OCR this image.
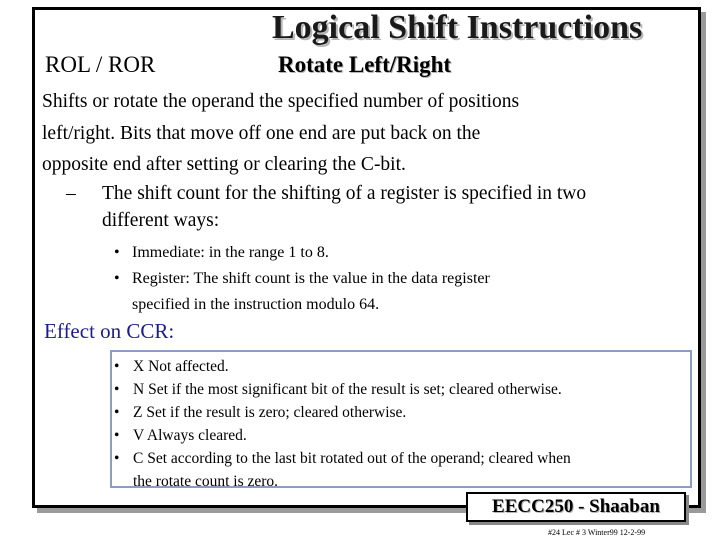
Logical Shift Instructions
ROL / ROR	Rotate Left/Right
Shifts or rotate the operand the specified number of positions
left/right. Bits that move off one end are put back on the
opposite end after setting or clearing the C-bit.
– The shift count for the shifting of a register is specified in two
different ways:
• Immediate: in the range 1 to 8.
• Register: The shift count is the value in the data register
specified in the instruction modulo 64.
Effect on CCR:
• X Not affected.
• N Set if the most significant bit of the result is set; cleared otherwise.
• Z Set if the result is zero; cleared otherwise.
• V Always cleared.
• C Set according to the last bit rotated out of the operand; cleared when
the rotate count is zero.
EECC250 - Shaaban
#24 Lec # 3 Winter99 12-2-99
